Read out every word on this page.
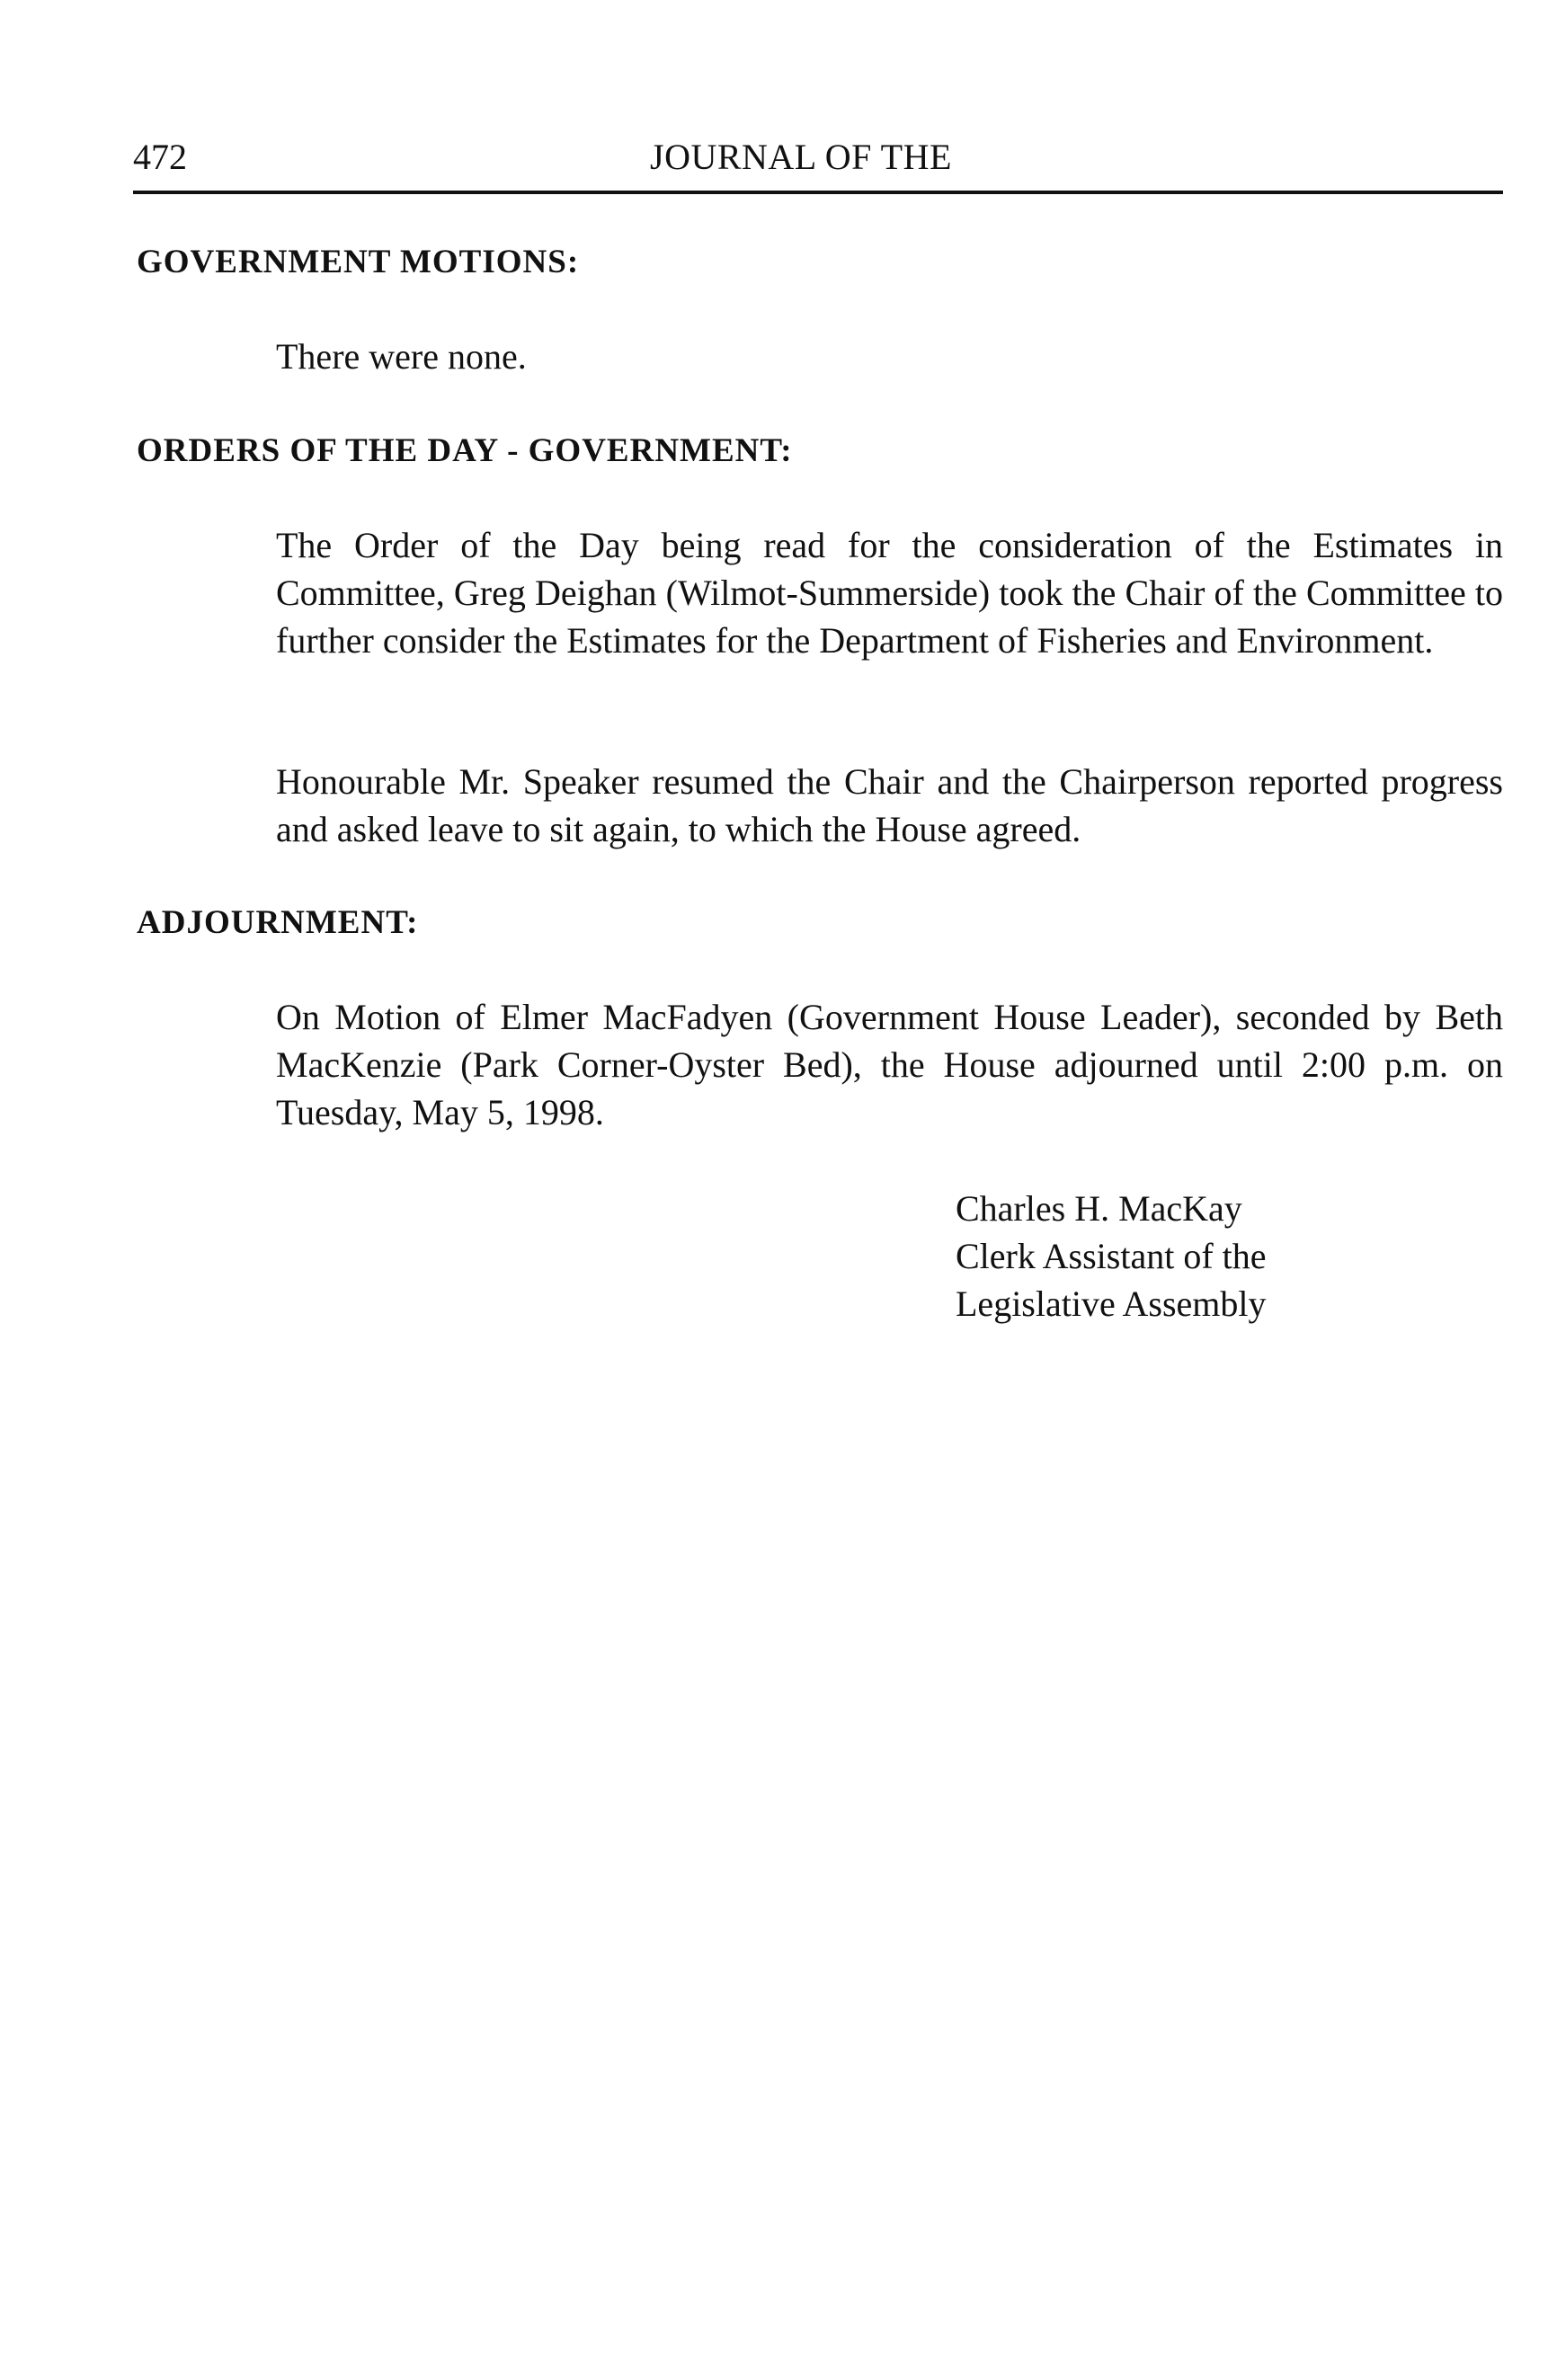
472	JOURNAL OF THE
GOVERNMENT MOTIONS:
There were none.
ORDERS OF THE DAY - GOVERNMENT:
The Order of the Day being read for the consideration of the Estimates in Committee, Greg Deighan (Wilmot-Summerside) took the Chair of the Committee to further consider the Estimates for the Department of Fisheries and Environment.
Honourable Mr. Speaker resumed the Chair and the Chairperson reported progress and asked leave to sit again, to which the House agreed.
ADJOURNMENT:
On Motion of Elmer MacFadyen (Government House Leader), seconded by Beth MacKenzie (Park Corner-Oyster Bed), the House adjourned until 2:00 p.m. on Tuesday, May 5, 1998.
Charles H. MacKay
Clerk Assistant of the
Legislative Assembly
